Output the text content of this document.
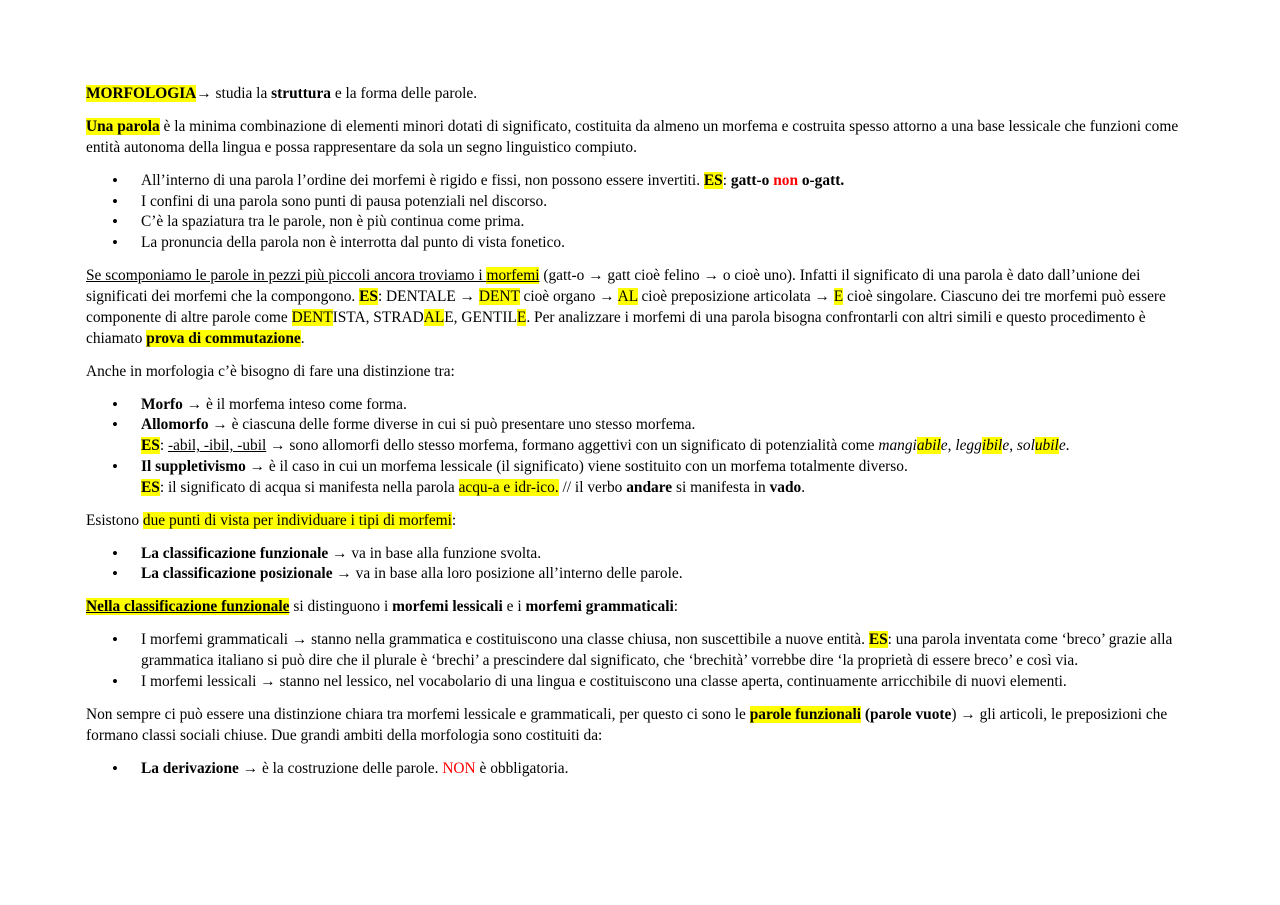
MORFOLOGIA→ studia la struttura e la forma delle parole.

Una parola è la minima combinazione di elementi minori dotati di significato, costituita da almeno un morfema e costruita spesso attorno a una base lessicale che funzioni come entità autonoma della lingua e possa rappresentare da sola un segno linguistico compiuto.

• All’interno di una parola l’ordine dei morfemi è rigido e fissi, non possono essere invertiti. ES: gatt-o non o-gatt.
• I confini di una parola sono punti di pausa potenziali nel discorso.
• C’è la spaziatura tra le parole, non è più continua come prima.
• La pronuncia della parola non è interrotta dal punto di vista fonetico.

Se scomponiamo le parole in pezzi più piccoli ancora troviamo i morfemi (gatt-o → gatt cioè felino → o cioè uno). Infatti il significato di una parola è dato dall’unione dei significati dei morfemi che la compongono. ES: DENTALE → DENT cioè organo → AL cioè preposizione articolata → E cioè singolare. Ciascuno dei tre morfemi può essere componente di altre parole come DENTISTA, STRADALE, GENTILE. Per analizzare i morfemi di una parola bisogna confrontarli con altri simili e questo procedimento è chiamato prova di commutazione.

Anche in morfologia c’è bisogno di fare una distinzione tra:

• Morfo → è il morfema inteso come forma.
• Allomorfo → è ciascuna delle forme diverse in cui si può presentare uno stesso morfema.
ES: -abil, -ibil, -ubil → sono allomorfi dello stesso morfema, formano aggettivi con un significato di potenzialità come mangiabile, leggibile, solubile.
• Il suppletivismo → è il caso in cui un morfema lessicale (il significato) viene sostituito con un morfema totalmente diverso.
ES: il significato di acqua si manifesta nella parola acqu-a e idr-ico. // il verbo andare si manifesta in vado.

Esistono due punti di vista per individuare i tipi di morfemi:

• La classificazione funzionale → va in base alla funzione svolta.
• La classificazione posizionale → va in base alla loro posizione all’interno delle parole.

Nella classificazione funzionale si distinguono i morfemi lessicali e i morfemi grammaticali:

• I morfemi grammaticali → stanno nella grammatica e costituiscono una classe chiusa, non suscettibile a nuove entità. ES: una parola inventata come ‘breco’ grazie alla grammatica italiano si può dire che il plurale è ‘brechi’ a prescindere dal significato, che ‘brechità’ vorrebbe dire ‘la proprietà di essere breco’ e così via.
• I morfemi lessicali → stanno nel lessico, nel vocabolario di una lingua e costituiscono una classe aperta, continuamente arricchibile di nuovi elementi.

Non sempre ci può essere una distinzione chiara tra morfemi lessicale e grammaticali, per questo ci sono le parole funzionali (parole vuote) → gli articoli, le preposizioni che formano classi sociali chiuse. Due grandi ambiti della morfologia sono costituiti da:

• La derivazione → è la costruzione delle parole. NON è obbligatoria.
